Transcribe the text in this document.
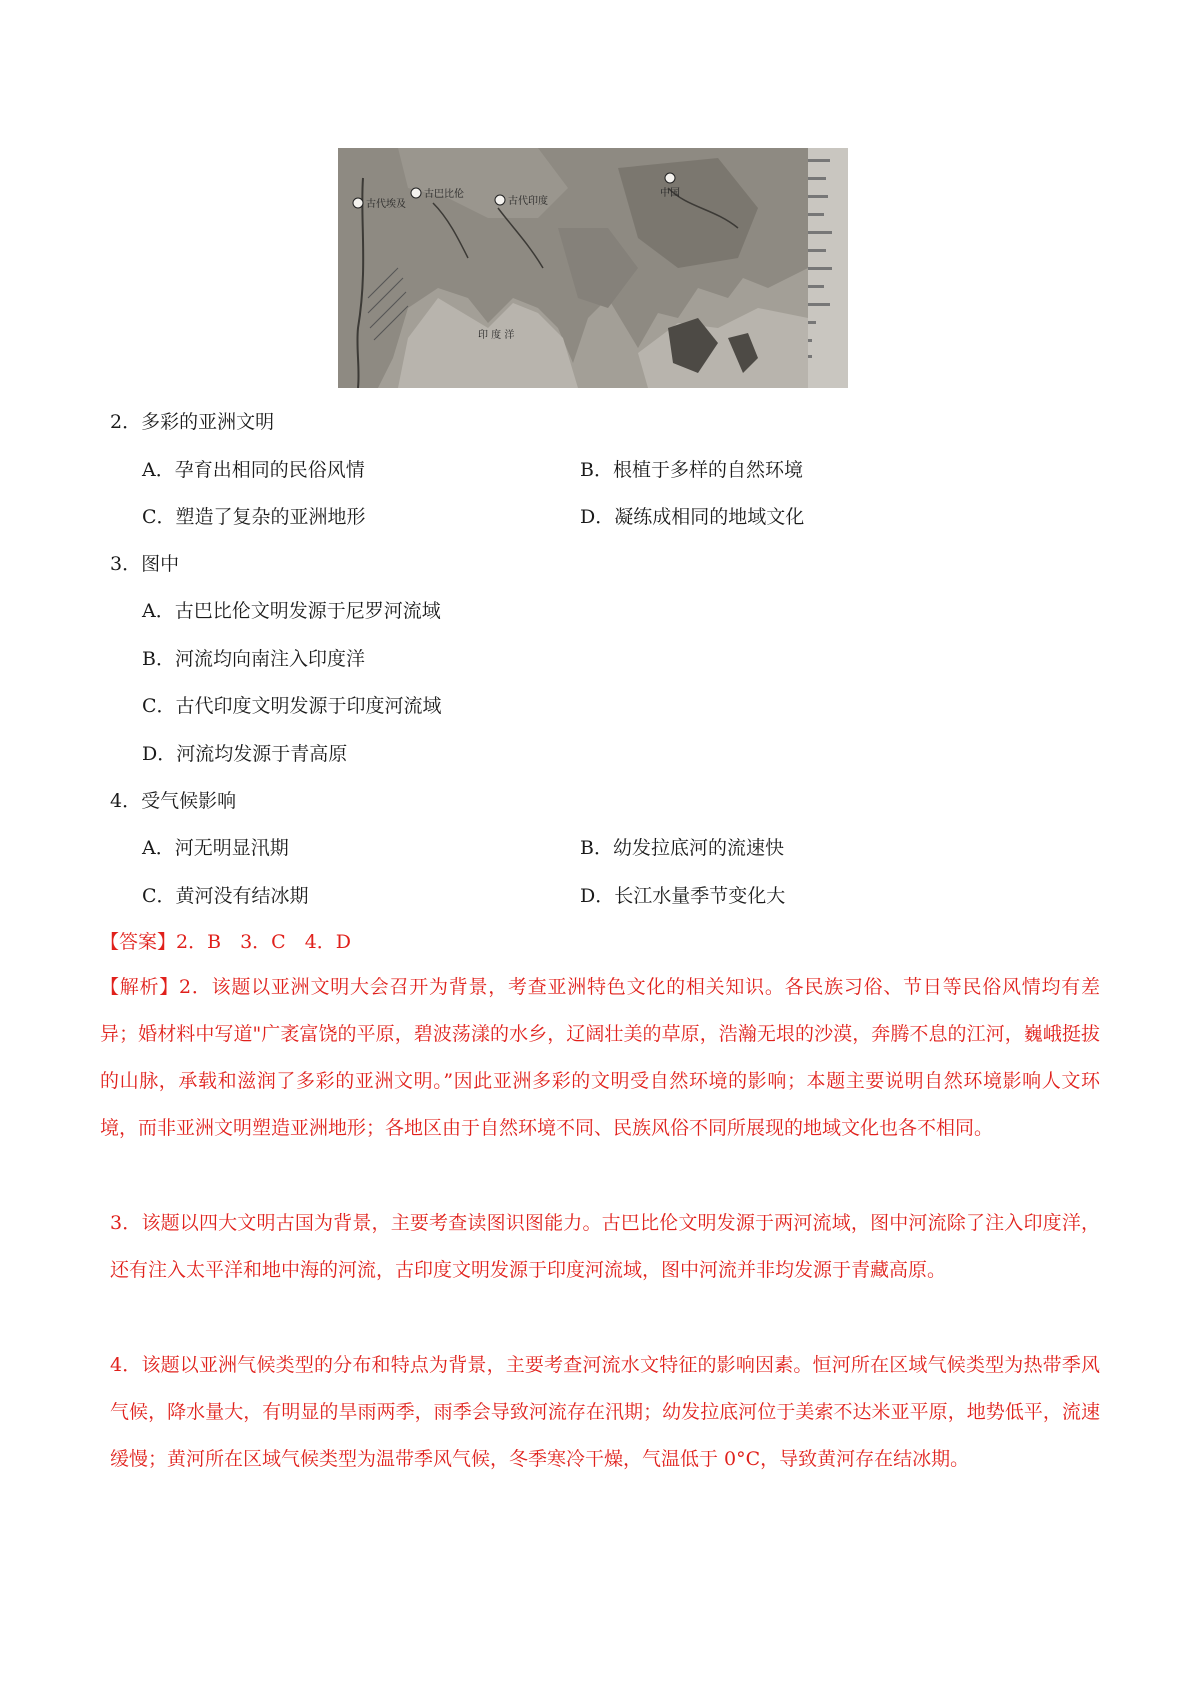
古代埃及
古巴比伦
古代印度
中国
印 度 洋
2．多彩的亚洲文明
A．孕育出相同的民俗风情	B．根植于多样的自然环境
C．塑造了复杂的亚洲地形	D．凝练成相同的地域文化
3．图中
A．古巴比伦文明发源于尼罗河流域
B．河流均向南注入印度洋
C．古代印度文明发源于印度河流域
D．河流均发源于青高原
4．受气候影响
A．河无明显汛期	B．幼发拉底河的流速快
C．黄河没有结冰期	D．长江水量季节变化大
【答案】2．B　3．C　4．D

【解析】2．该题以亚洲文明大会召开为背景，考查亚洲特色文化的相关知识。各民族习俗、节日等民俗风情均有差异；婚材料中写道"广袤富饶的平原，碧波荡漾的水乡，辽阔壮美的草原，浩瀚无垠的沙漠，奔腾不息的江河，巍峨挺拔的山脉，承载和滋润了多彩的亚洲文明。”因此亚洲多彩的文明受自然环境的影响；本题主要说明自然环境影响人文环境，而非亚洲文明塑造亚洲地形；各地区由于自然环境不同、民族风俗不同所展现的地域文化也各不相同。

3．该题以四大文明古国为背景，主要考查读图识图能力。古巴比伦文明发源于两河流域，图中河流除了注入印度洋，还有注入太平洋和地中海的河流，古印度文明发源于印度河流域，图中河流并非均发源于青藏高原。

4．该题以亚洲气候类型的分布和特点为背景，主要考查河流水文特征的影响因素。恒河所在区域气候类型为热带季风气候，降水量大，有明显的旱雨两季，雨季会导致河流存在汛期；幼发拉底河位于美索不达米亚平原，地势低平，流速缓慢；黄河所在区域气候类型为温带季风气候，冬季寒冷干燥，气温低于 0°C，导致黄河存在结冰期。
